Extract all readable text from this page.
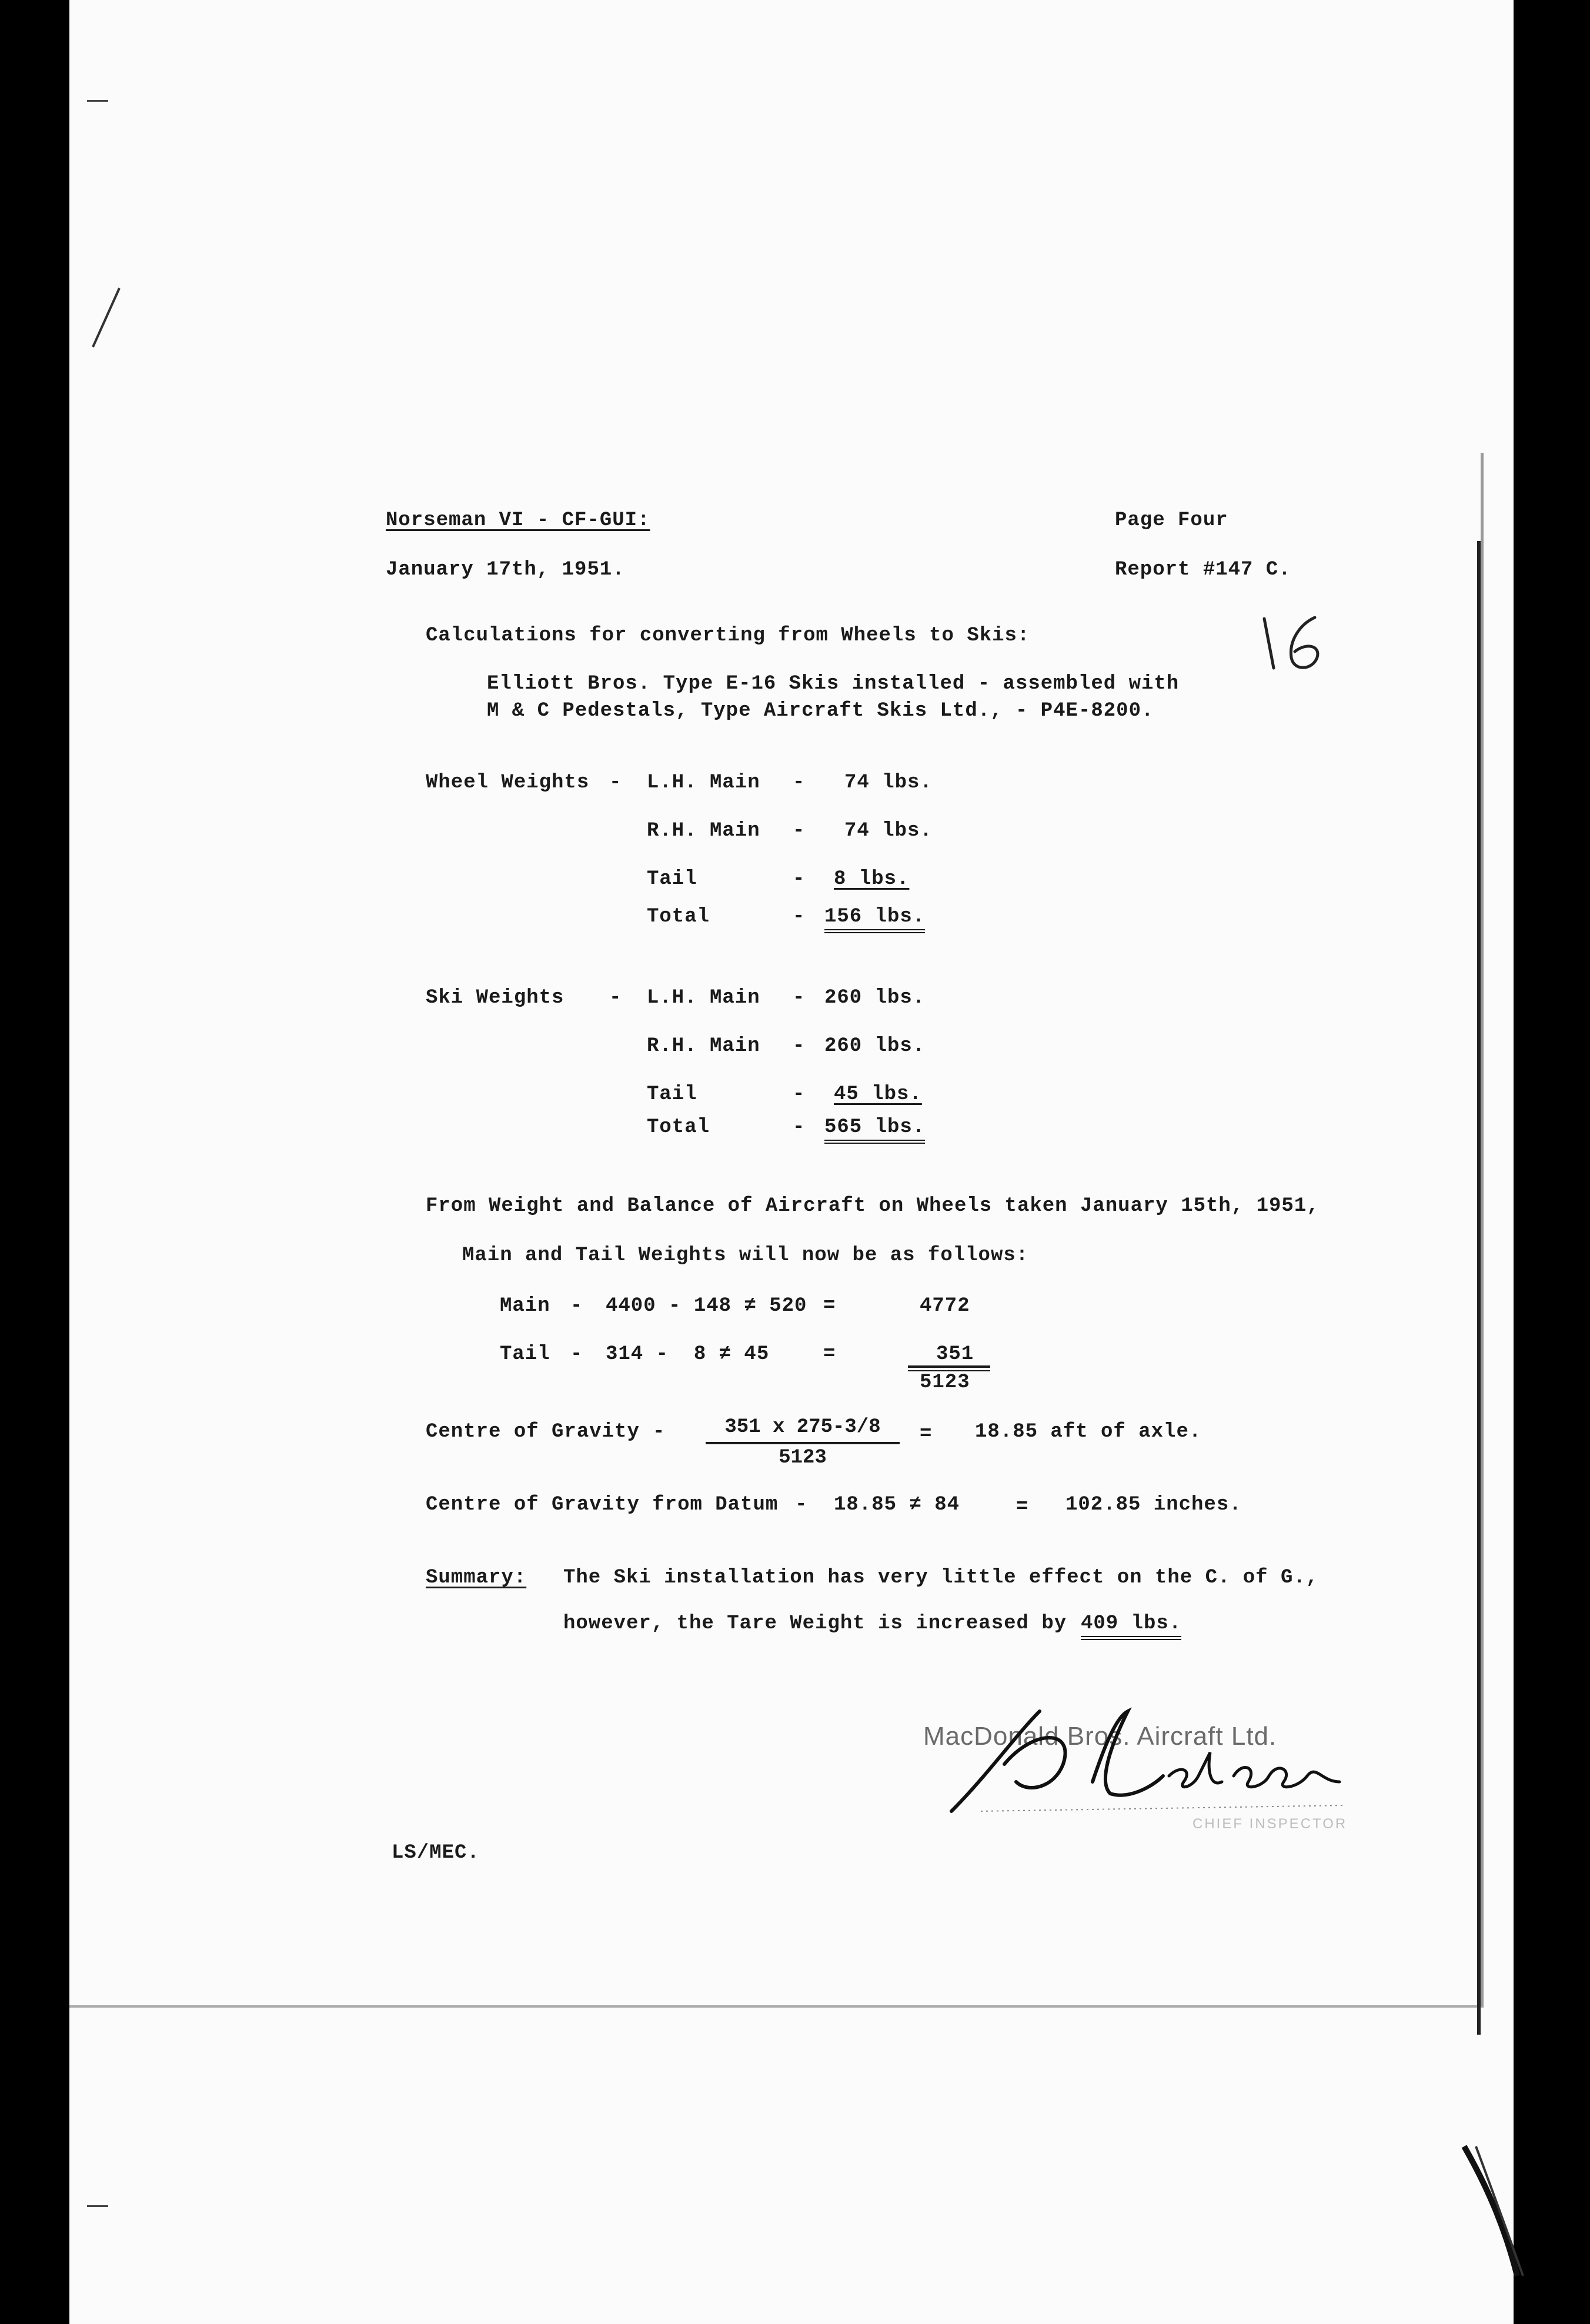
Norseman VI - CF-GUI:	Page Four
January 17th, 1951.	Report #147 C.
Calculations for converting from Wheels to Skis:
Elliott Bros. Type E-16 Skis installed - assembled with
M & C Pedestals, Type Aircraft Skis Ltd., - P4E-8200.
Wheel Weights - L.H. Main - 74 lbs.
R.H. Main - 74 lbs.
Tail	- 8 lbs.
Total	- 156 lbs.
Ski Weights - L.H. Main - 260 lbs.
R.H. Main - 260 lbs.
Tail	- 45 lbs.
Total	- 565 lbs.
From Weight and Balance of Aircraft on Wheels taken January 15th, 1951,
Main and Tail Weights will now be as follows:
Main - 4400 - 148 ≠ 520 =	4772
Tail - 314 -  8 ≠ 45	=	351
5123
Centre of Gravity - $\frac{351 x 275-3/8}{5123} = 18.85$ aft of axle.
Centre of Gravity from Datum - 18.85 ≠ 84	= 102.85 inches.
Summary: The Ski installation has very little effect on the C. of G.,
however, the Tare Weight is increased by 409 lbs.
MacDonald Bros. Aircraft Ltd.
CHIEF INSPECTOR
LS/MEC.
